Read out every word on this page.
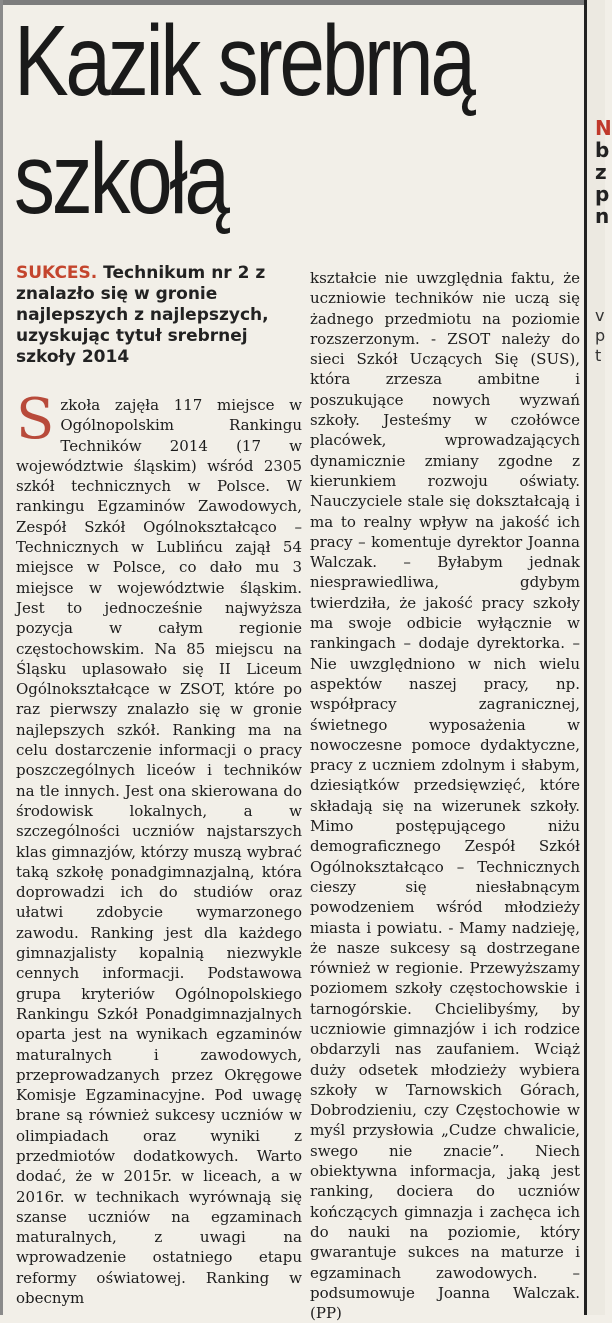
Kazik srebrną
szkołą

SUKCES. Technikum nr 2 z znalazło się w gronie najlepszych z najlepszych, uzyskując tytuł srebrnej szkoły 2014

Szkoła zajęła 117 miejsce w Ogólnopolskim Rankingu Techników 2014 (17 w województwie śląskim) wśród 2305 szkół technicznych w Polsce. W rankingu Egzaminów Zawodowych, Zespół Szkół Ogólnokształcąco – Technicznych w Lublińcu zajął 54 miejsce w Polsce, co dało mu 3 miejsce w województwie śląskim. Jest to jednocześnie najwyższa pozycja w całym regionie częstochowskim. Na 85 miejscu na Śląsku uplasowało się II Liceum Ogólnokształcące w ZSOT, które po raz pierwszy znalazło się w gronie najlepszych szkół. Ranking ma na celu dostarczenie informacji o pracy poszczególnych liceów i techników na tle innych. Jest ona skierowana do środowisk lokalnych, a w szczególności uczniów najstarszych klas gimnazjów, którzy muszą wybrać taką szkołę ponadgimnazjalną, która doprowadzi ich do studiów oraz ułatwi zdobycie wymarzonego zawodu. Ranking jest dla każdego gimnazjalisty kopalnią niezwykle cennych informacji. Podstawowa grupa kryteriów Ogólnopolskiego Rankingu Szkół Ponadgimnazjalnych oparta jest na wynikach egzaminów maturalnych i zawodowych, przeprowadzanych przez Okręgowe Komisje Egzaminacyjne. Pod uwagę brane są również sukcesy uczniów w olimpiadach oraz wyniki z przedmiotów dodatkowych. Warto dodać, że w 2015r. w liceach, a w 2016r. w technikach wyrównają się szanse uczniów na egzaminach maturalnych, z uwagi na wprowadzenie ostatniego etapu reformy oświatowej. Ranking w obecnym

kształcie nie uwzględnia faktu, że uczniowie techników nie uczą się żadnego przedmiotu na poziomie rozszerzonym. - ZSOT należy do sieci Szkół Uczących Się (SUS), która zrzesza ambitne i poszukujące nowych wyzwań szkoły. Jesteśmy w czołówce placówek, wprowadzających dynamicznie zmiany zgodne z kierunkiem rozwoju oświaty. Nauczyciele stale się dokształcają i ma to realny wpływ na jakość ich pracy – komentuje dyrektor Joanna Walczak. – Byłabym jednak niesprawiedliwa, gdybym twierdziła, że jakość pracy szkoły ma swoje odbicie wyłącznie w rankingach – dodaje dyrektorka. – Nie uwzględniono w nich wielu aspektów naszej pracy, np. współpracy zagranicznej, świetnego wyposażenia w nowoczesne pomoce dydaktyczne, pracy z uczniem zdolnym i słabym, dziesiątków przedsięwzięć, które składają się na wizerunek szkoły. Mimo postępującego niżu demograficznego Zespół Szkół Ogólnokształcąco – Technicznych cieszy się niesłabnącym powodzeniem wśród młodzieży miasta i powiatu. - Mamy nadzieję, że nasze sukcesy są dostrzegane również w regionie. Przewyższamy poziomem szkoły częstochowskie i tarnogórskie. Chcielibyśmy, by uczniowie gimnazjów i ich rodzice obdarzyli nas zaufaniem. Wciąż duży odsetek młodzieży wybiera szkoły w Tarnowskich Górach, Dobrodzieniu, czy Częstochowie w myśl przysłowia „Cudze chwalicie, swego nie znacie”. Niech obiektywna informacja, jaką jest ranking, dociera do uczniów kończących gimnazja i zachęca ich do nauki na poziomie, który gwarantuje sukces na maturze i egzaminach zawodowych. – podsumowuje Joanna Walczak. (PP)

N
b
z
p
n
v
p
t
